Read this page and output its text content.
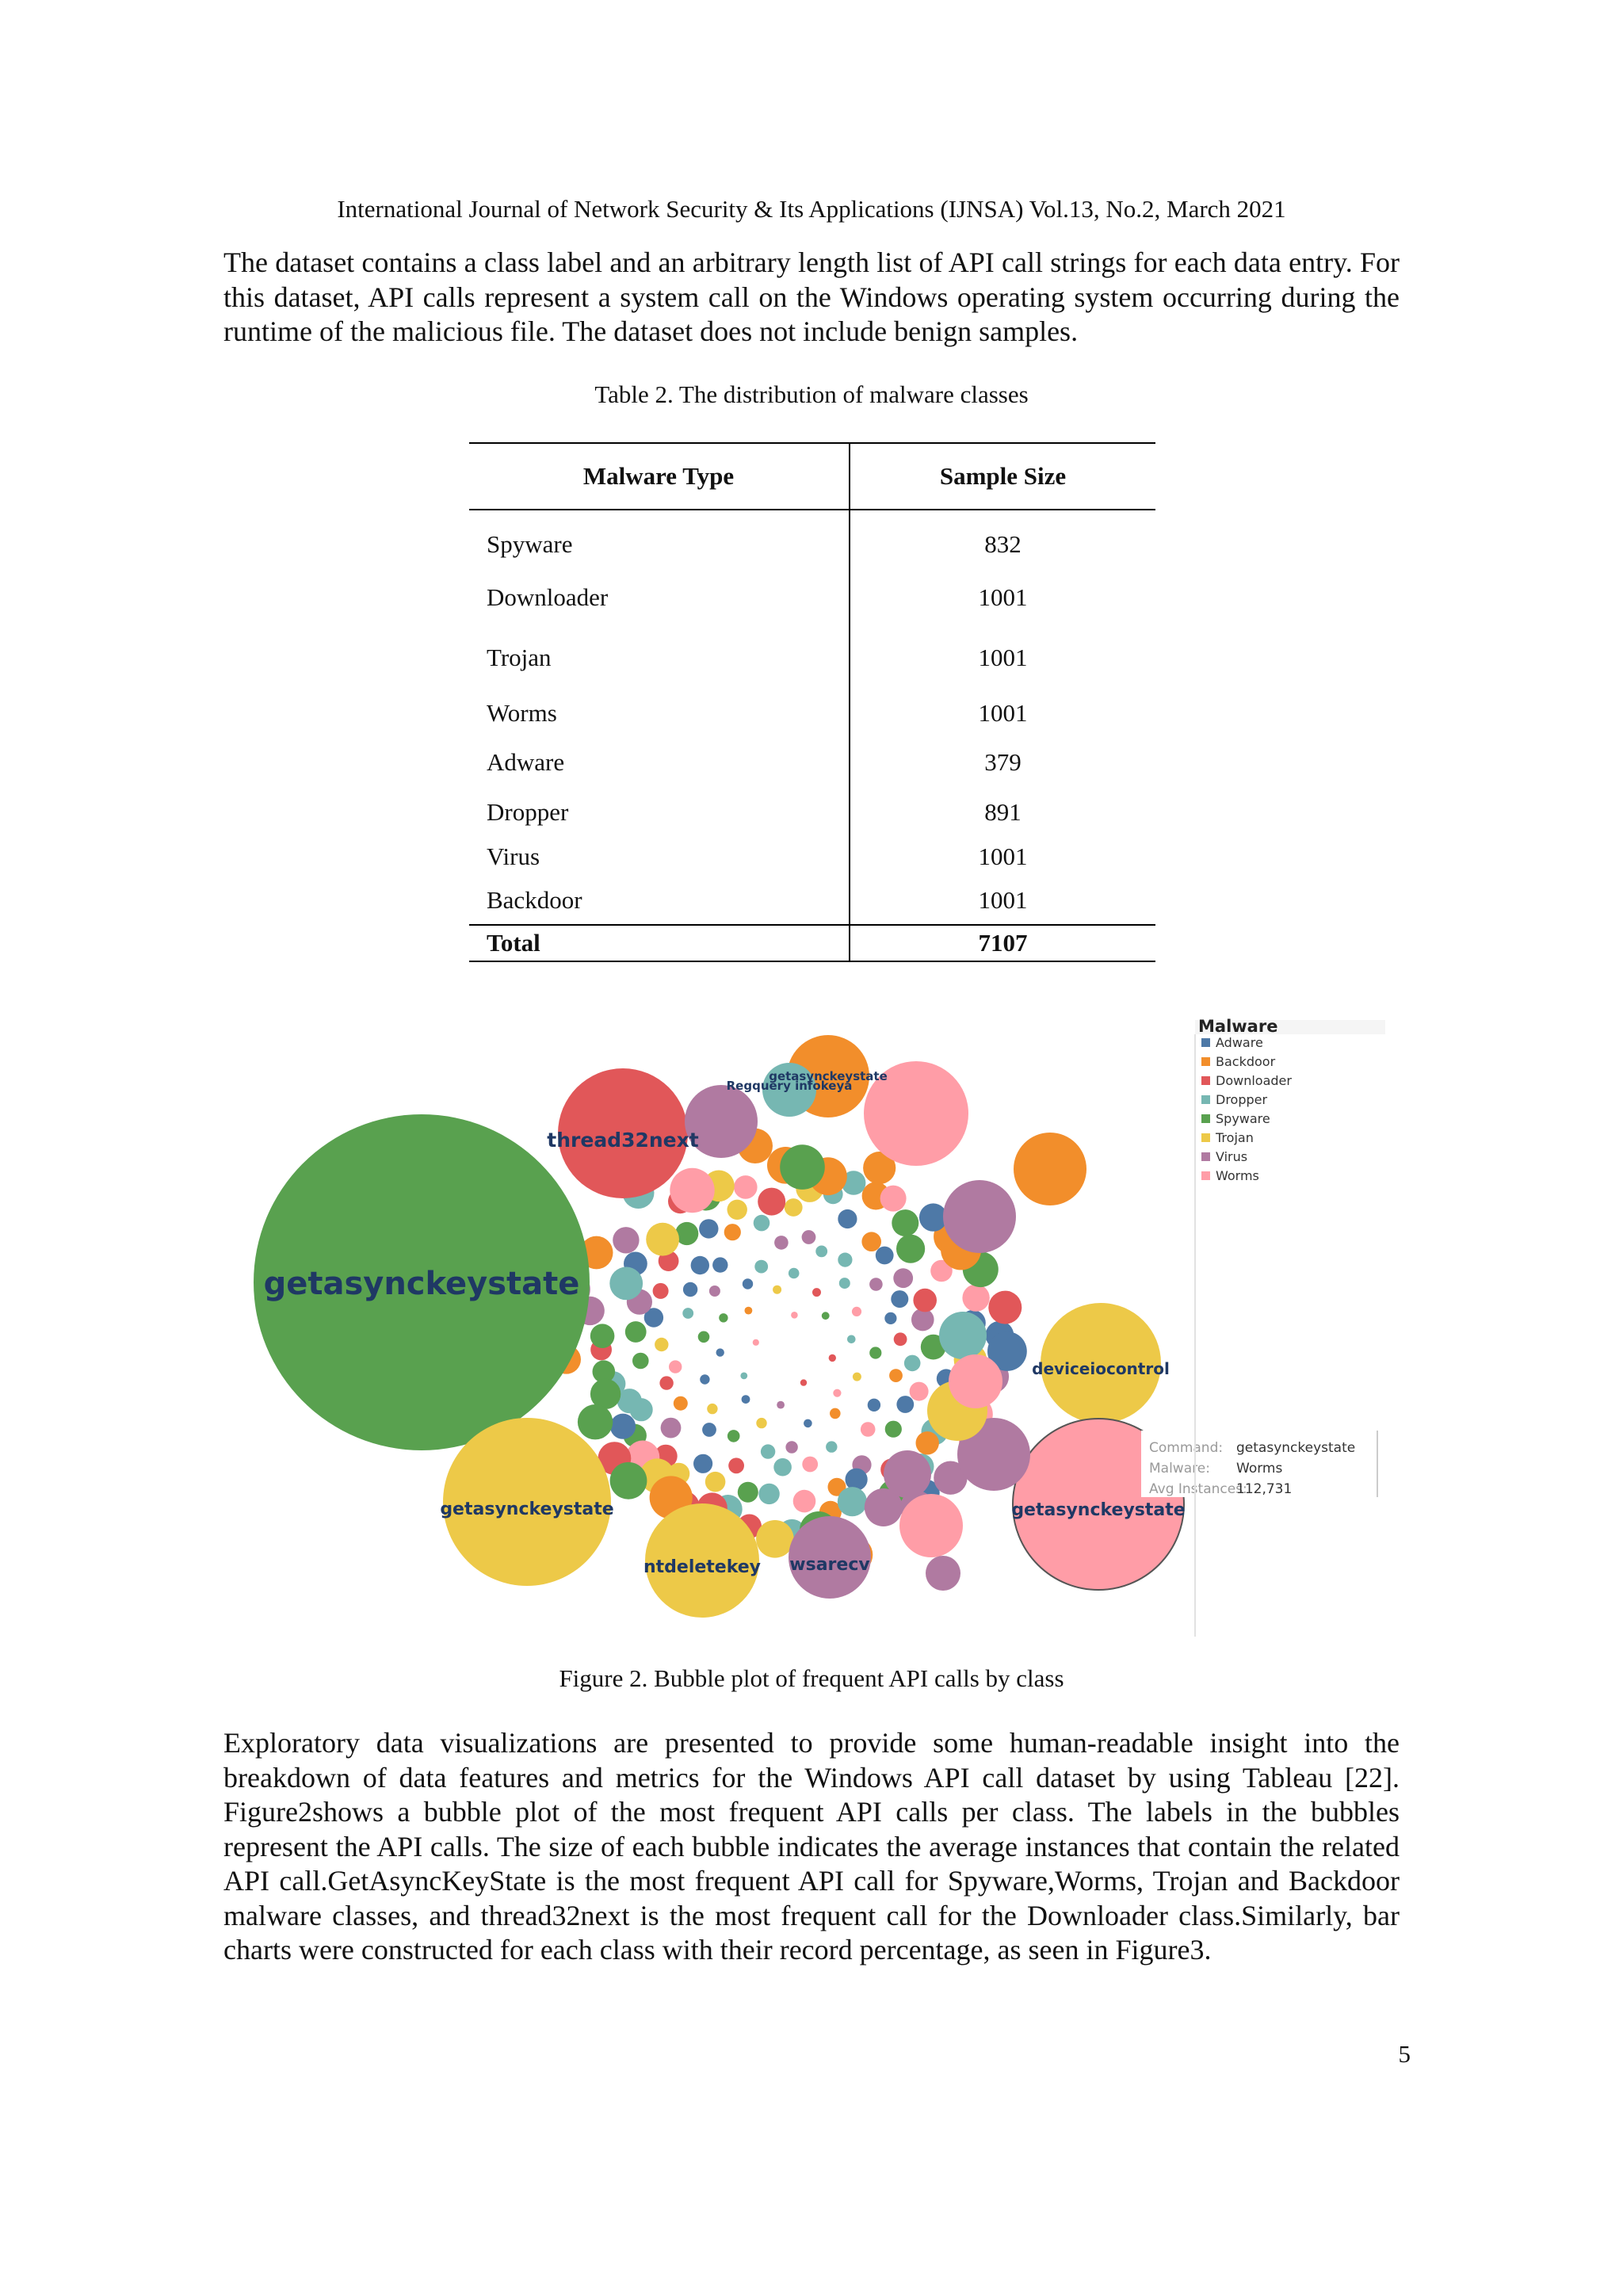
International Journal of Network Security & Its Applications (IJNSA) Vol.13, No.2, March 2021
The dataset contains a class label and an arbitrary length list of API call strings for each data entry. For this dataset, API calls represent a system call on the Windows operating system occurring during the runtime of the malicious file. The dataset does not include benign samples.
Table 2. The distribution of malware classes
Malware Type	Sample Size
Spyware	832
Downloader	1001
Trojan	1001
Worms	1001
Adware	379
Dropper	891
Virus	1001
Backdoor	1001
Total	7107
getasynckeystate
thread32next
getasynckeystate
Regquery infokeya
deviceiocontrol
getasynckeystate
ntdeletekey wsarecv
getasynckeystate
Malware
Adware
Backdoor
Downloader
Dropper
Spyware
Trojan
Virus
Worms
Command: getasynckeystate
Malware: Worms
Avg Instances:
112,731
Figure 2. Bubble plot of frequent API calls by class
Exploratory data visualizations are presented to provide some human-readable insight into the breakdown of data features and metrics for the Windows API call dataset by using Tableau [22]. Figure2shows a bubble plot of the most frequent API calls per class. The labels in the bubbles represent the API calls. The size of each bubble indicates the average instances that contain the related API call.GetAsyncKeyState is the most frequent API call for Spyware,Worms, Trojan and Backdoor malware classes, and thread32next is the most frequent call for the Downloader class.Similarly, bar charts were constructed for each class with their record percentage, as seen in Figure3.
5
